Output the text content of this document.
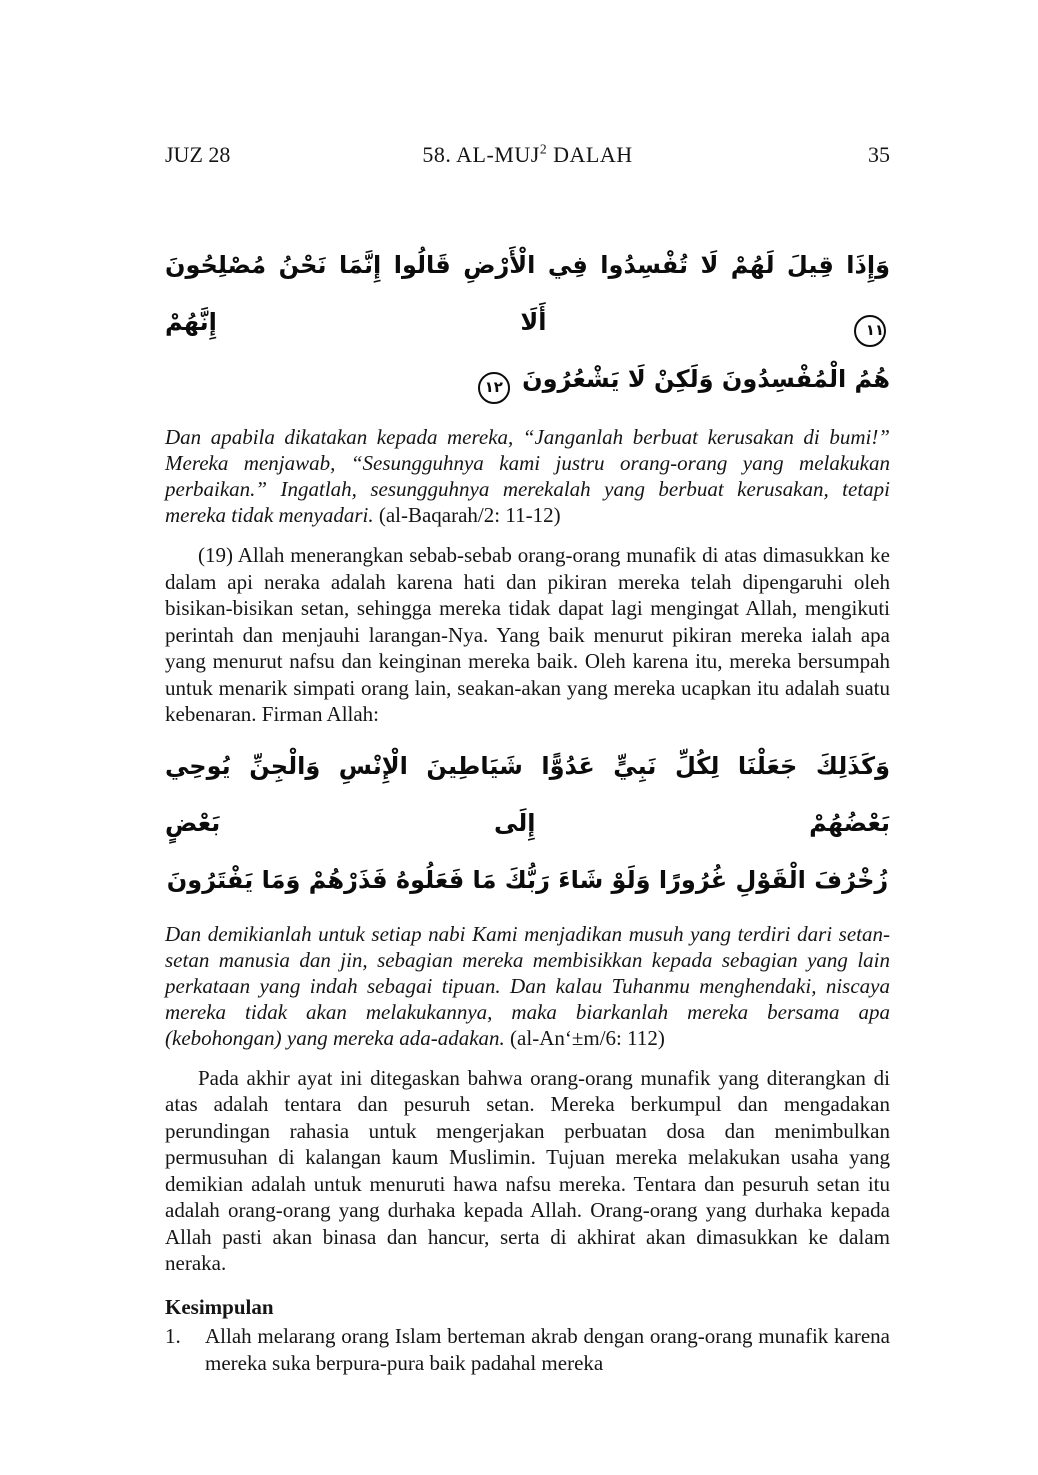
JUZ 28	58. AL-MUJ$^2$ DALAH	35
وَإِذَا قِيلَ لَهُمْ لَا تُفْسِدُوا فِي الْأَرْضِ قَالُوا إِنَّمَا نَحْنُ مُصْلِحُونَ ١١ أَلَا إِنَّهُمْ
هُمُ الْمُفْسِدُونَ وَلَكِنْ لَا يَشْعُرُونَ ١٢

Dan apabila dikatakan kepada mereka, “Janganlah berbuat kerusakan di bumi!” Mereka menjawab, “Sesungguhnya kami justru orang-orang yang melakukan perbaikan.” Ingatlah, sesungguhnya merekalah yang berbuat kerusakan, tetapi mereka tidak menyadari. (al-Baqarah/2: 11-12)

(19) Allah menerangkan sebab-sebab orang-orang munafik di atas dimasukkan ke dalam api neraka adalah karena hati dan pikiran mereka telah dipengaruhi oleh bisikan-bisikan setan, sehingga mereka tidak dapat lagi mengingat Allah, mengikuti perintah dan menjauhi larangan-Nya. Yang baik menurut pikiran mereka ialah apa yang menurut nafsu dan keinginan mereka baik. Oleh karena itu, mereka bersumpah untuk menarik simpati orang lain, seakan-akan yang mereka ucapkan itu adalah suatu kebenaran. Firman Allah:

وَكَذَلِكَ جَعَلْنَا لِكُلِّ نَبِيٍّ عَدُوًّا شَيَاطِينَ الْإِنْسِ وَالْجِنِّ يُوحِي بَعْضُهُمْ إِلَى بَعْضٍ
زُخْرُفَ الْقَوْلِ غُرُورًا وَلَوْ شَاءَ رَبُّكَ مَا فَعَلُوهُ فَذَرْهُمْ وَمَا يَفْتَرُونَ

Dan demikianlah untuk setiap nabi Kami menjadikan musuh yang terdiri dari setan-setan manusia dan jin, sebagian mereka membisikkan kepada sebagian yang lain perkataan yang indah sebagai tipuan. Dan kalau Tuhanmu menghendaki, niscaya mereka tidak akan melakukannya, maka biarkanlah mereka bersama apa (kebohongan) yang mereka ada-adakan. (al-An‘±m/6: 112)

Pada akhir ayat ini ditegaskan bahwa orang-orang munafik yang diterangkan di atas adalah tentara dan pesuruh setan. Mereka berkumpul dan mengadakan perundingan rahasia untuk mengerjakan perbuatan dosa dan menimbulkan permusuhan di kalangan kaum Muslimin. Tujuan mereka melakukan usaha yang demikian adalah untuk menuruti hawa nafsu mereka. Tentara dan pesuruh setan itu adalah orang-orang yang durhaka kepada Allah. Orang-orang yang durhaka kepada Allah pasti akan binasa dan hancur, serta di akhirat akan dimasukkan ke dalam neraka.

Kesimpulan
1.	Allah melarang orang Islam berteman akrab dengan orang-orang munafik karena mereka suka berpura-pura baik padahal mereka
